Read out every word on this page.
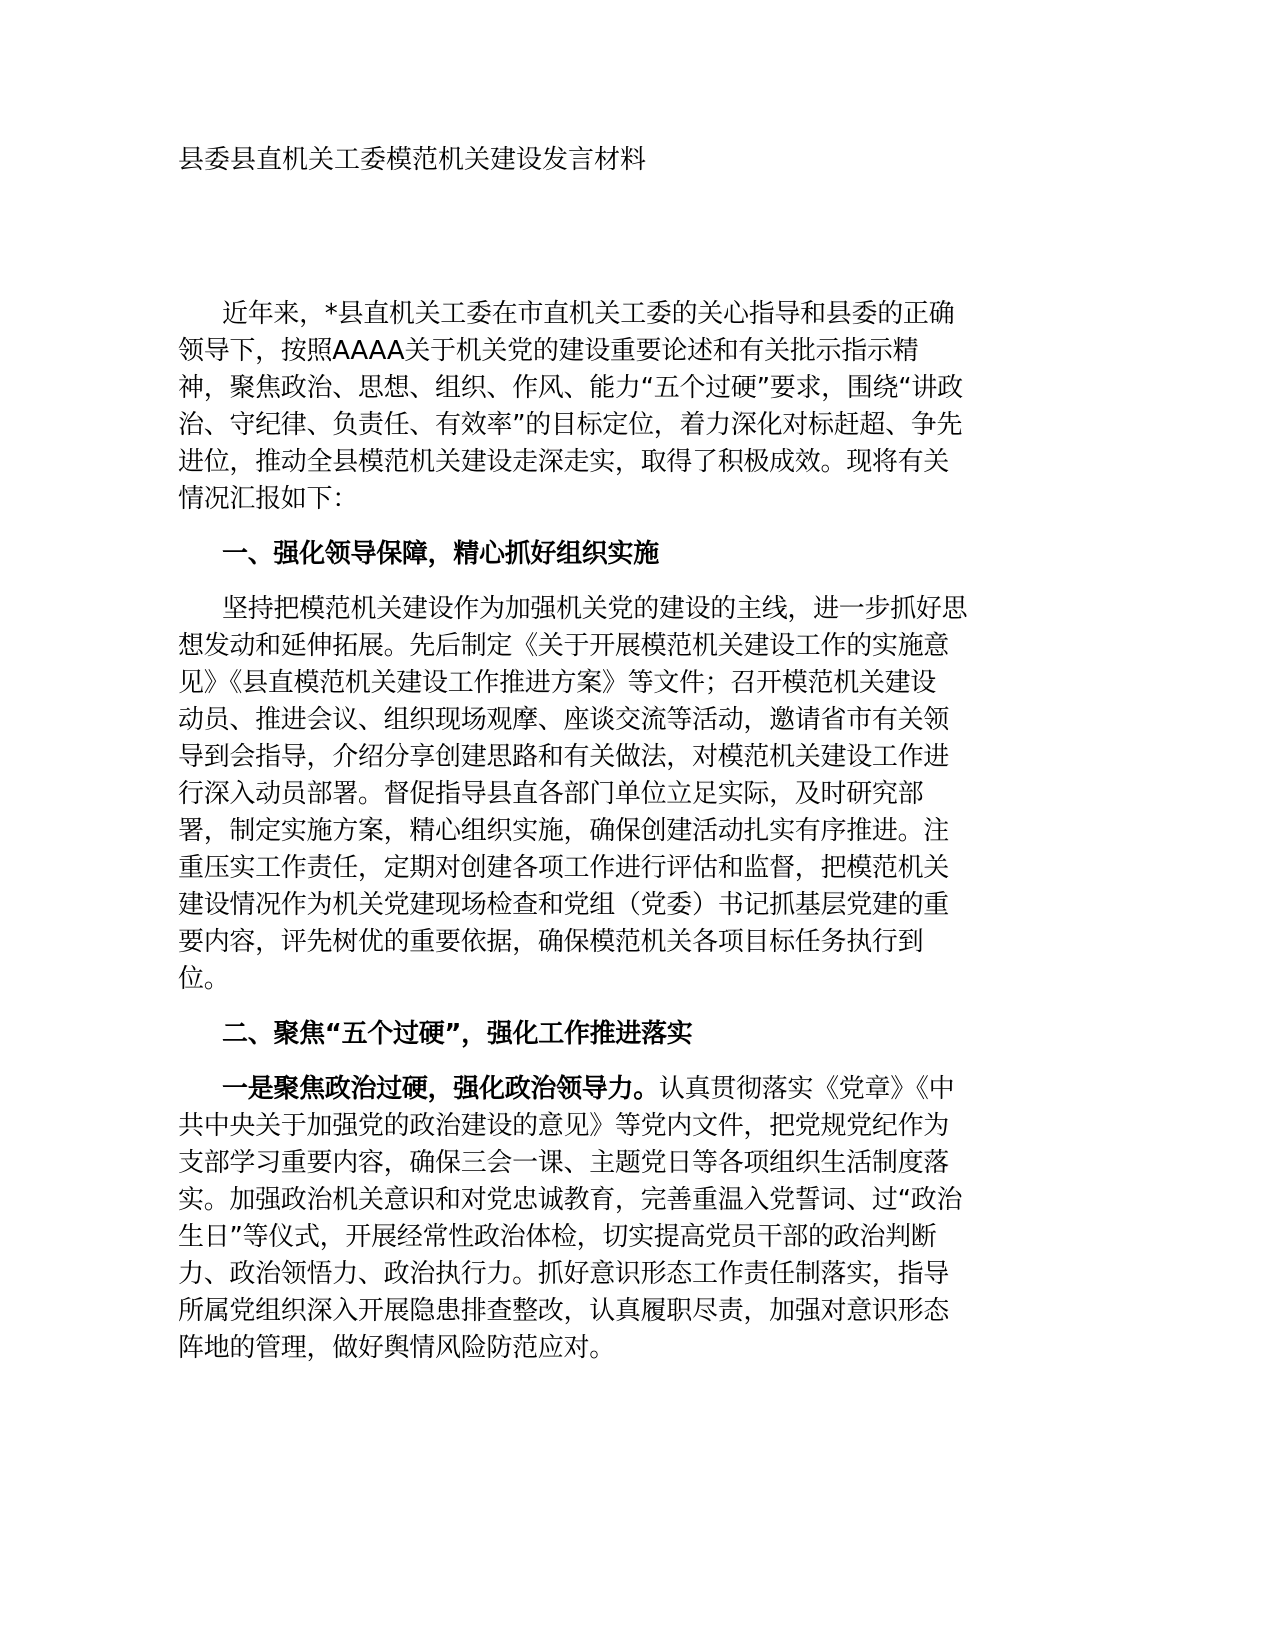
县委县直机关工委模范机关建设发言材料
近年来，*县直机关工委在市直机关工委的关心指导和县委的正确
领导下，按照AAAA关于机关党的建设重要论述和有关批示指示精
神，聚焦政治、思想、组织、作风、能力“五个过硬”要求，围绕“讲政
治、守纪律、负责任、有效率”的目标定位，着力深化对标赶超、争先
进位，推动全县模范机关建设走深走实，取得了积极成效。现将有关
情况汇报如下：
一、强化领导保障，精心抓好组织实施
坚持把模范机关建设作为加强机关党的建设的主线，进一步抓好思
想发动和延伸拓展。先后制定《关于开展模范机关建设工作的实施意
见》《县直模范机关建设工作推进方案》等文件；召开模范机关建设
动员、推进会议、组织现场观摩、座谈交流等活动，邀请省市有关领
导到会指导，介绍分享创建思路和有关做法，对模范机关建设工作进
行深入动员部署。督促指导县直各部门单位立足实际，及时研究部
署，制定实施方案，精心组织实施，确保创建活动扎实有序推进。注
重压实工作责任，定期对创建各项工作进行评估和监督，把模范机关
建设情况作为机关党建现场检查和党组（党委）书记抓基层党建的重
要内容，评先树优的重要依据，确保模范机关各项目标任务执行到
位。
二、聚焦“五个过硬”，强化工作推进落实
一是聚焦政治过硬，强化政治领导力。认真贯彻落实《党章》《中
共中央关于加强党的政治建设的意见》等党内文件，把党规党纪作为
支部学习重要内容，确保三会一课、主题党日等各项组织生活制度落
实。加强政治机关意识和对党忠诚教育，完善重温入党誓词、过“政治
生日”等仪式，开展经常性政治体检，切实提高党员干部的政治判断
力、政治领悟力、政治执行力。抓好意识形态工作责任制落实，指导
所属党组织深入开展隐患排查整改，认真履职尽责，加强对意识形态
阵地的管理，做好舆情风险防范应对。
